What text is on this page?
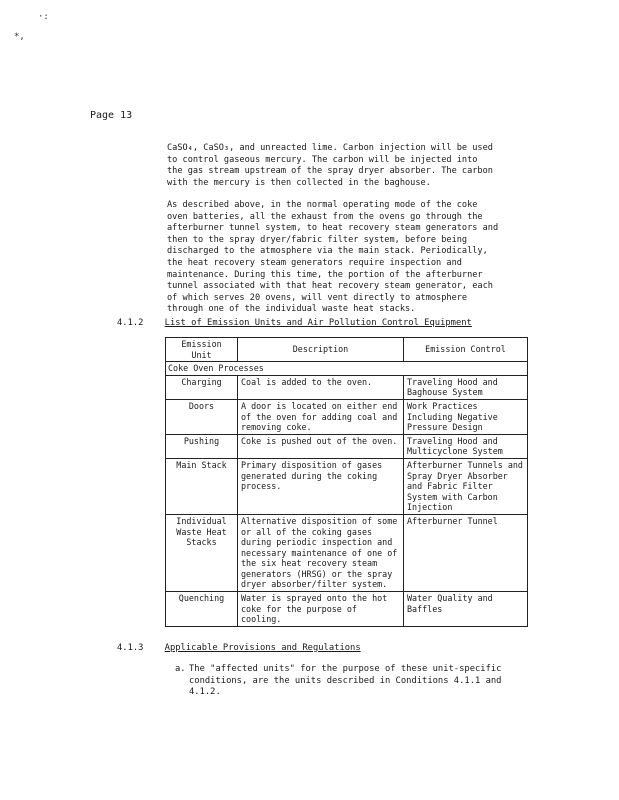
·:
*,
Page 13

CaSO₄, CaSO₃, and unreacted lime. Carbon injection will be used
to control gaseous mercury. The carbon will be injected into
the gas stream upstream of the spray dryer absorber. The carbon
with the mercury is then collected in the baghouse.

As described above, in the normal operating mode of the coke
oven batteries, all the exhaust from the ovens go through the
afterburner tunnel system, to heat recovery steam generators and
then to the spray dryer/fabric filter system, before being
discharged to the atmosphere via the main stack. Periodically,
the heat recovery steam generators require inspection and
maintenance. During this time, the portion of the afterburner
tunnel associated with that heat recovery steam generator, each
of which serves 20 ovens, will vent directly to atmosphere
through one of the individual waste heat stacks.

4.1.2 List of Emission Units and Air Pollution Control Equipment
Emission Unit	Description	Emission Control
Coke Oven Processes		
Charging	Coal is added to the oven.	Traveling Hood and Baghouse System
Doors	A door is located on either end of the oven for adding coal and removing coke.	Work Practices Including Negative Pressure Design
Pushing	Coke is pushed out of the oven.	Traveling Hood and Multicyclone System
Main Stack	Primary disposition of gases generated during the coking process.	Afterburner Tunnels and Spray Dryer Absorber and Fabric Filter System with Carbon Injection
Individual Waste Heat Stacks	Alternative disposition of some or all of the coking gases during periodic inspection and necessary maintenance of one of the six heat recovery steam generators (HRSG) or the spray dryer absorber/filter system.	Afterburner Tunnel
Quenching	Water is sprayed onto the hot coke for the purpose of cooling.	Water Quality and Baffles
4.1.3 Applicable Provisions and Regulations
a. The "affected units" for the purpose of these unit-specific
conditions, are the units described in Conditions 4.1.1 and
4.1.2.
